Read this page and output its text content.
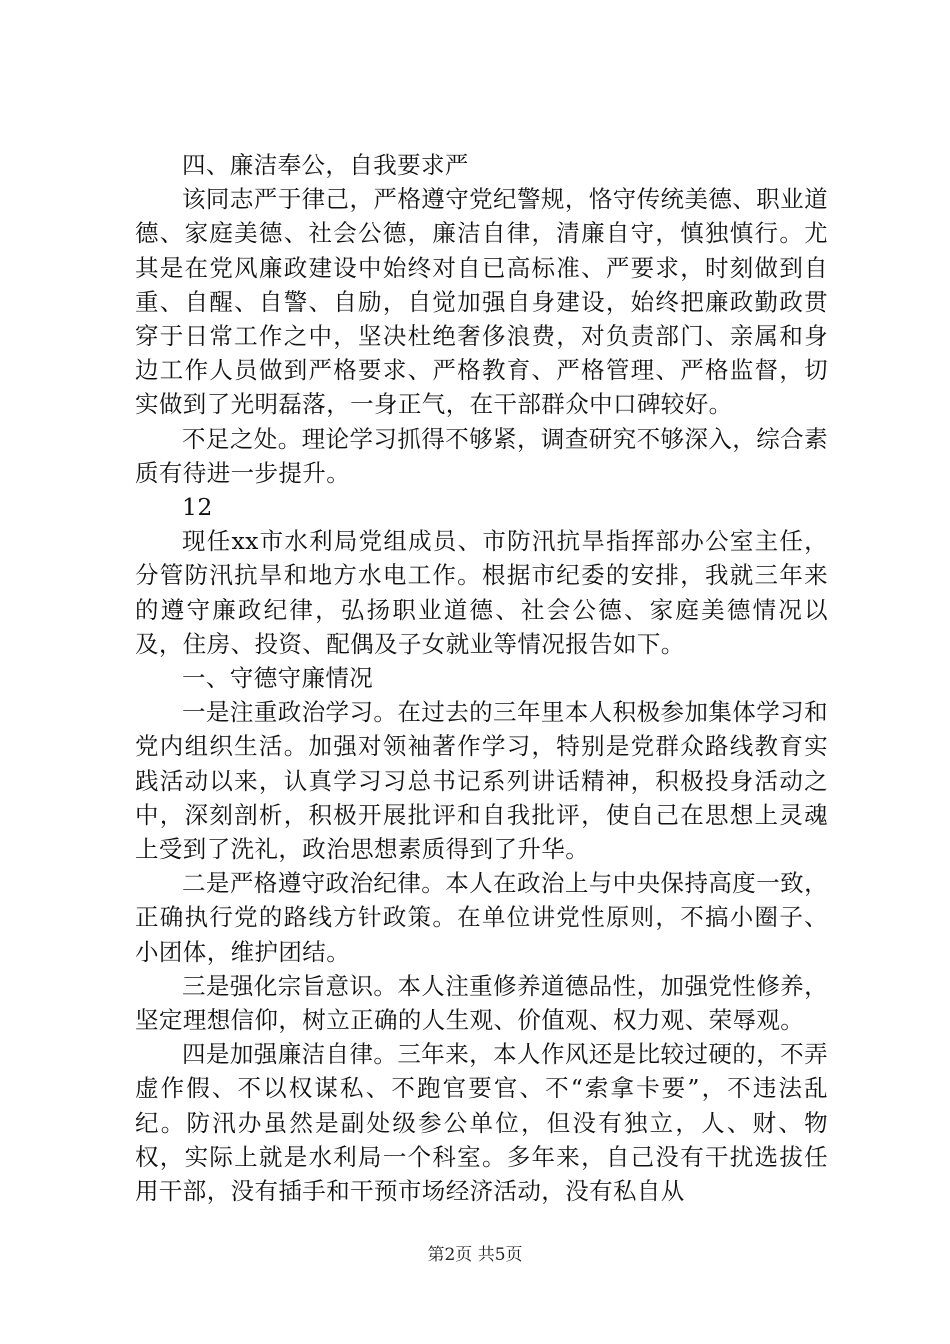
四、廉洁奉公，自我要求严

该同志严于律己，严格遵守党纪警规，恪守传统美德、职业道德、家庭美德、社会公德，廉洁自律，清廉自守，慎独慎行。尤其是在党风廉政建设中始终对自已高标准、严要求，时刻做到自重、自醒、自警、自励，自觉加强自身建设，始终把廉政勤政贯穿于日常工作之中，坚决杜绝奢侈浪费，对负责部门、亲属和身边工作人员做到严格要求、严格教育、严格管理、严格监督，切实做到了光明磊落，一身正气，在干部群众中口碑较好。

不足之处。理论学习抓得不够紧，调查研究不够深入，综合素质有待进一步提升。

12

现任xx市水利局党组成员、市防汛抗旱指挥部办公室主任，分管防汛抗旱和地方水电工作。根据市纪委的安排，我就三年来的遵守廉政纪律，弘扬职业道德、社会公德、家庭美德情况以及，住房、投资、配偶及子女就业等情况报告如下。

一、守德守廉情况

一是注重政治学习。在过去的三年里本人积极参加集体学习和党内组织生活。加强对领袖著作学习，特别是党群众路线教育实践活动以来，认真学习习总书记系列讲话精神，积极投身活动之中，深刻剖析，积极开展批评和自我批评，使自己在思想上灵魂上受到了洗礼，政治思想素质得到了升华。

二是严格遵守政治纪律。本人在政治上与中央保持高度一致，正确执行党的路线方针政策。在单位讲党性原则，不搞小圈子、小团体，维护团结。

三是强化宗旨意识。本人注重修养道德品性，加强党性修养，坚定理想信仰，树立正确的人生观、价值观、权力观、荣辱观。

四是加强廉洁自律。三年来，本人作风还是比较过硬的，不弄虚作假、不以权谋私、不跑官要官、不“索拿卡要”，不违法乱纪。防汛办虽然是副处级参公单位，但没有独立，人、财、物权，实际上就是水利局一个科室。多年来，自己没有干扰选拔任用干部，没有插手和干预市场经济活动，没有私自从

第2页 共5页
